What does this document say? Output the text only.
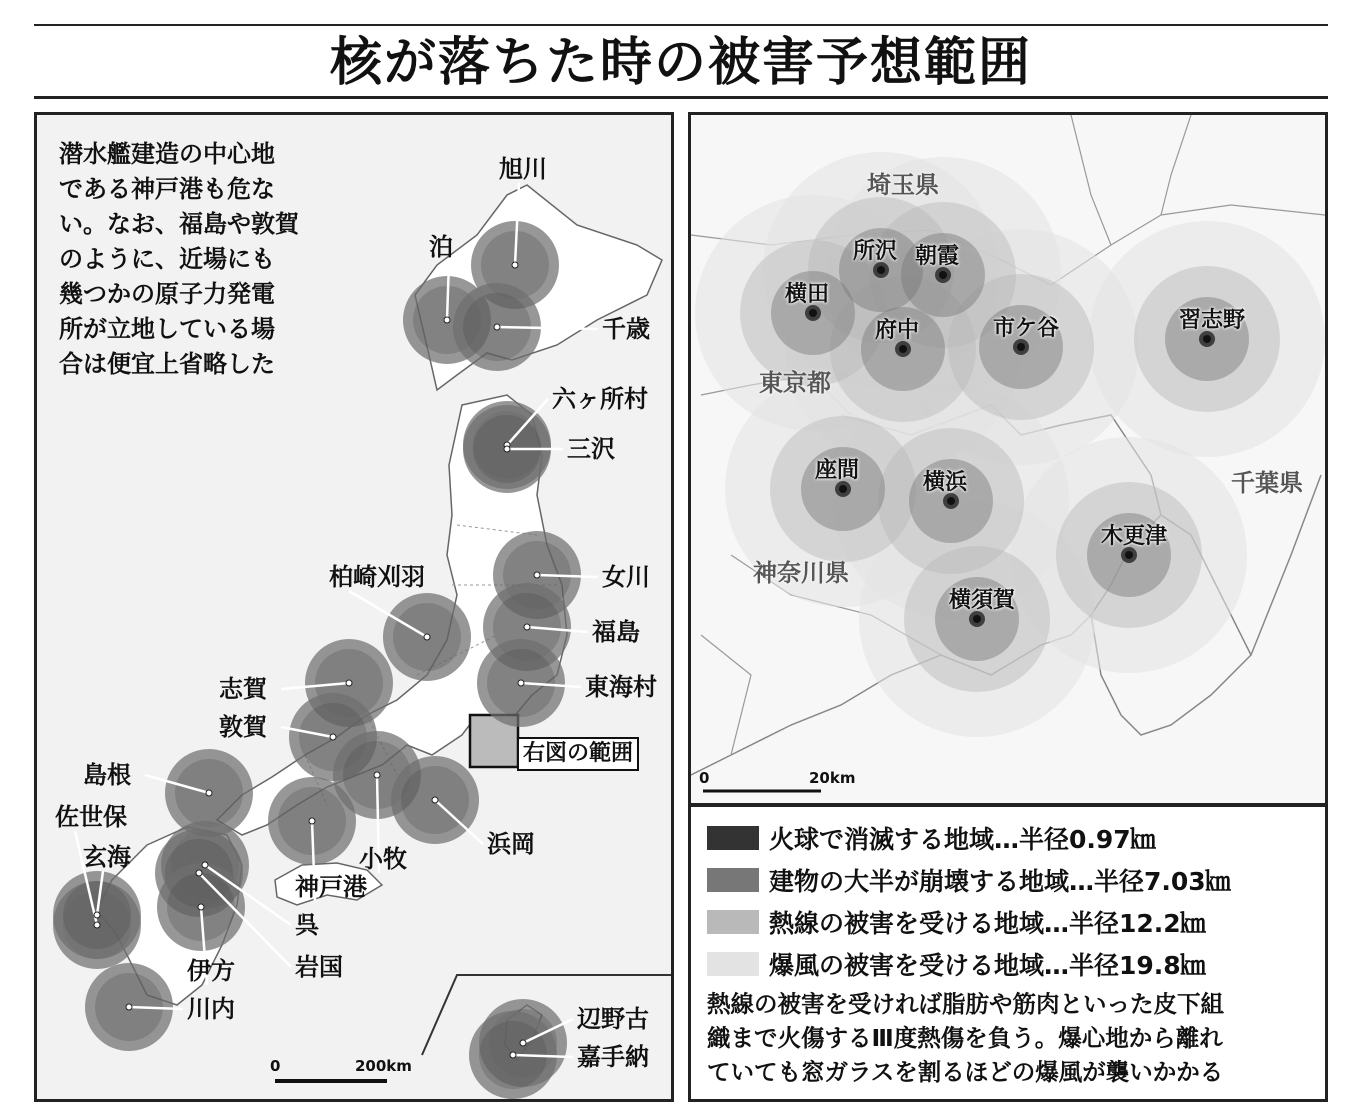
核が落ちた時の被害予想範囲
潜水艦建造の中心地
である神戸港も危な
い。なお、福島や敦賀
のように、近場にも
幾つかの原子力発電
所が立地している場
合は便宜上省略した
旭川
泊
千歳
六ヶ所村
三沢
女川
柏崎刈羽
福島
東海村
志賀
敦賀
島根
佐世保
小牧
浜岡
玄海
神戸港
呉
岩国
伊方
川内	辺野古
嘉手納
右図の範囲
0	200km
所沢 朝霞
横田
府中	市ケ谷	習志野
座間	横浜
木更津
横須賀
埼玉県
東京都
千葉県
神奈川県
0	20km
火球で消滅する地域…半径0.97㎞
建物の大半が崩壊する地域…半径7.03㎞
熱線の被害を受ける地域…半径12.2㎞
爆風の被害を受ける地域…半径19.8㎞
熱線の被害を受ければ脂肪や筋肉といった皮下組
織まで火傷するⅢ度熱傷を負う。爆心地から離れ
ていても窓ガラスを割るほどの爆風が襲いかかる
